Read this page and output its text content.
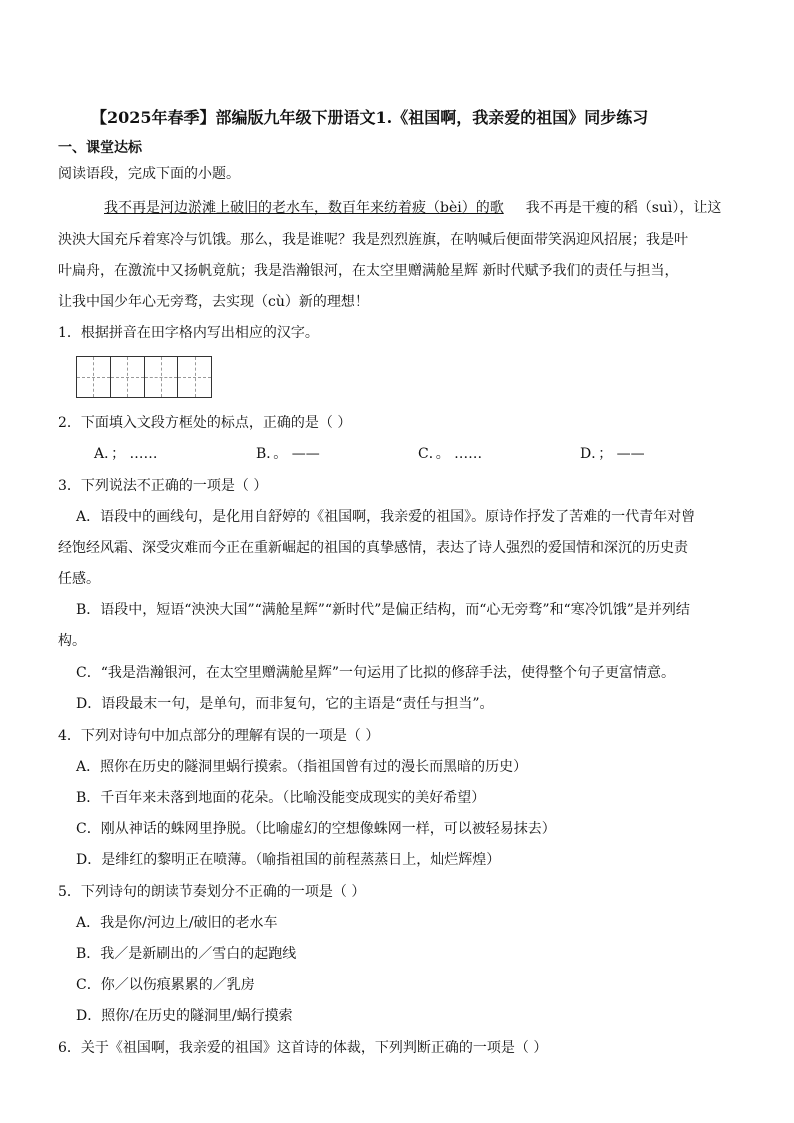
【2025年春季】部编版九年级下册语文1.《祖国啊，我亲爱的祖国》同步练习
一、课堂达标
阅读语段，完成下面的小题。
我不再是河边淤滩上破旧的老水车，数百年来纺着疲（bèi）的歌 我不再是干瘦的稻（suì），让这
泱泱大国充斥着寒冷与饥饿。那么，我是谁呢？我是烈烈旌旗，在呐喊后便面带笑涡迎风招展；我是叶
叶扁舟，在激流中又扬帆竟航；我是浩瀚银河，在太空里赠满舱星辉 新时代赋予我们的责任与担当，
让我中国少年心无旁骛，去实现（cù）新的理想！
1．根据拼音在田字格内写出相应的汉字。
2．下面填入文段方框处的标点，正确的是（ ）
A．； ……	B．。 ——	C．。 ……	D．； ——
3．下列说法不正确的一项是（ ）
A．语段中的画线句，是化用自舒婷的《祖国啊，我亲爱的祖国》。原诗作抒发了苦难的一代青年对曾
经饱经风霜、深受灾难而今正在重新崛起的祖国的真挚感情，表达了诗人强烈的爱国情和深沉的历史责
任感。
B．语段中，短语“泱泱大国”“满舱星辉”“新时代”是偏正结构，而“心无旁骛”和“寒冷饥饿”是并列结
构。
C．“我是浩瀚银河，在太空里赠满舱星辉”一句运用了比拟的修辞手法，使得整个句子更富情意。
D．语段最末一句，是单句，而非复句，它的主语是“责任与担当”。
4．下列对诗句中加点部分的理解有误的一项是（ ）
A．照你在历史的隧洞里蜗行摸索。（指祖国曾有过的漫长而黑暗的历史）
B．千百年来未落到地面的花朵。（比喻没能变成现实的美好希望）
C．刚从神话的蛛网里挣脱。（比喻虚幻的空想像蛛网一样，可以被轻易抹去）
D．是绯红的黎明正在喷薄。（喻指祖国的前程蒸蒸日上，灿烂辉煌）
5．下列诗句的朗读节奏划分不正确的一项是（ ）
A．我是你/河边上/破旧的老水车
B．我／是新刷出的／雪白的起跑线
C．你／以伤痕累累的／乳房
D．照你/在历史的隧洞里/蜗行摸索
6．关于《祖国啊，我亲爱的祖国》这首诗的体裁，下列判断正确的一项是（ ）
